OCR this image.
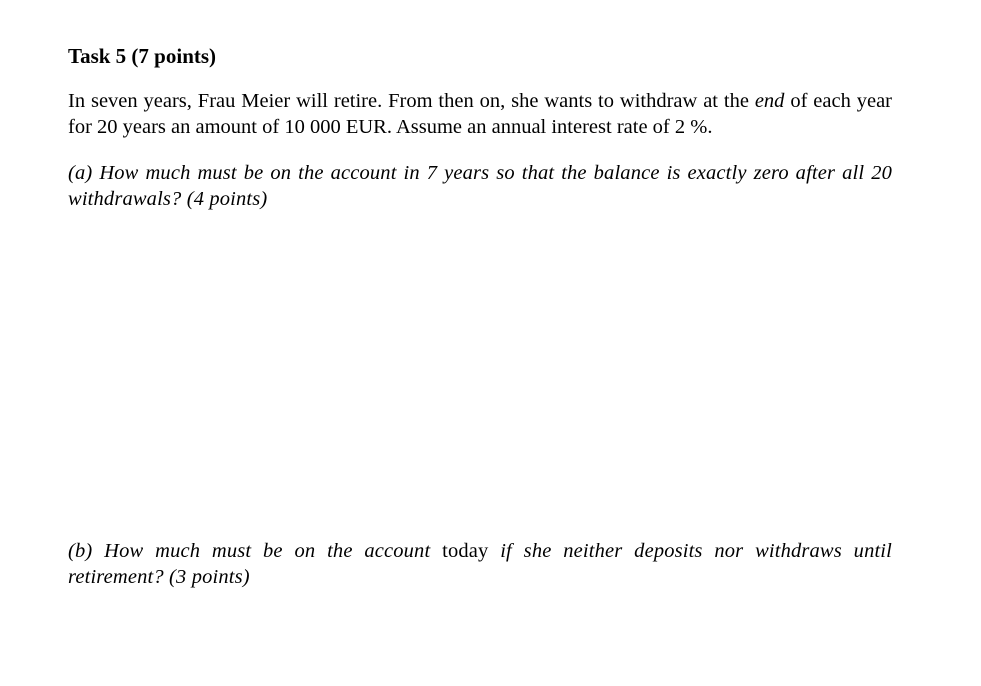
Task 5 (7 points)

In seven years, Frau Meier will retire. From then on, she wants to withdraw at the end of each year for 20 years an amount of 10 000 EUR. Assume an annual interest rate of 2 %.

(a) How much must be on the account in 7 years so that the balance is exactly zero after all 20 withdrawals? (4 points)

(b) How much must be on the account today if she neither deposits nor withdraws until retirement? (3 points)
